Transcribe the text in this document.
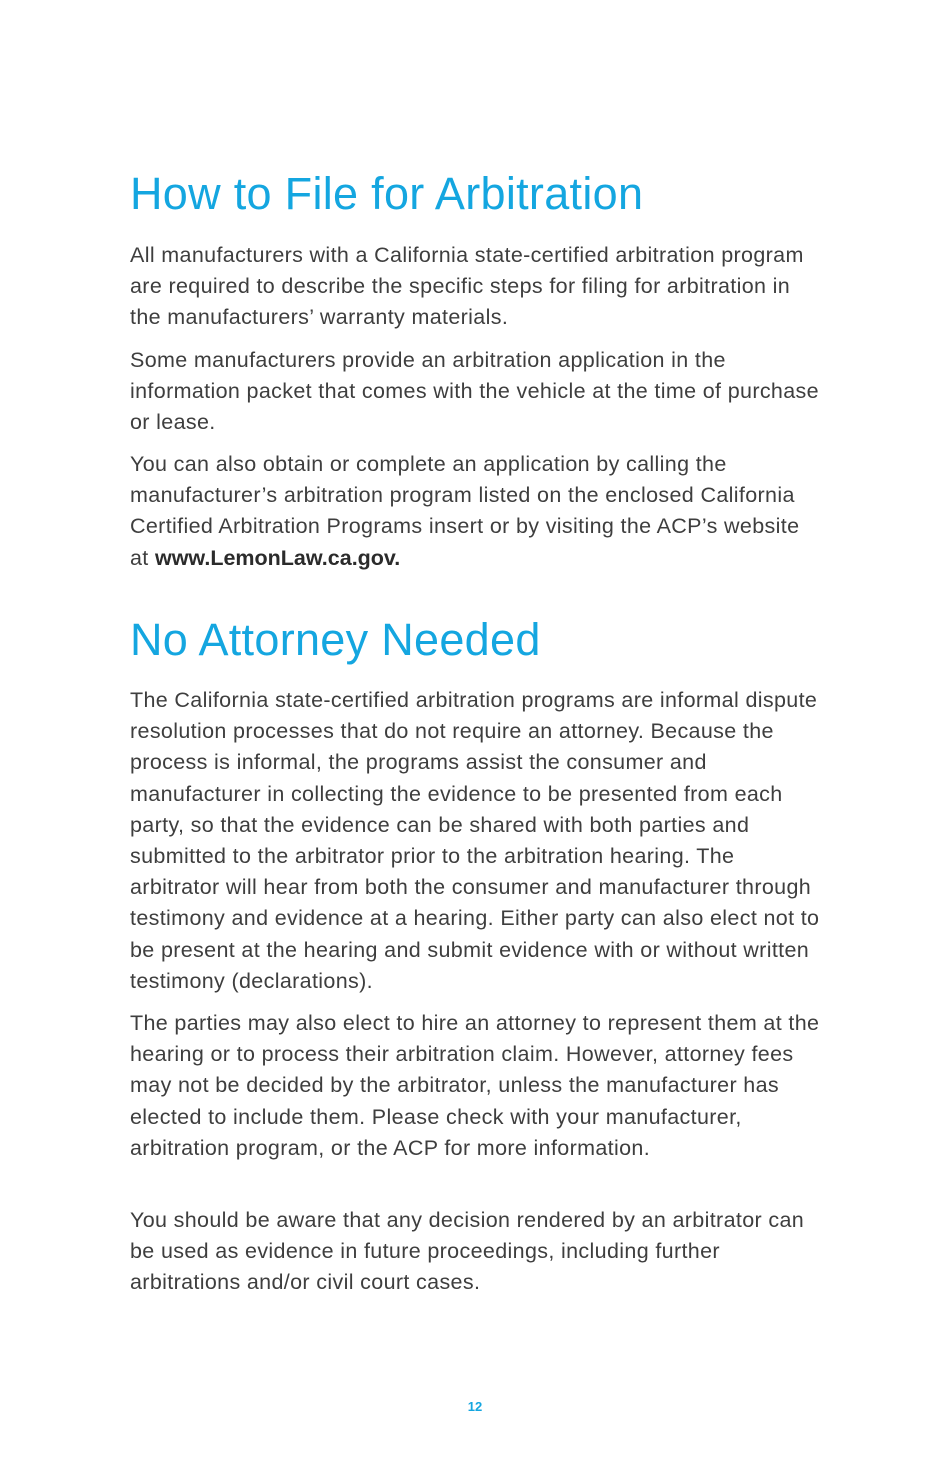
How to File for Arbitration

All manufacturers with a California state-certified arbitration program are required to describe the specific steps for filing for arbitration in the manufacturers’ warranty materials.

Some manufacturers provide an arbitration application in the information packet that comes with the vehicle at the time of purchase or lease.

You can also obtain or complete an application by calling the manufacturer’s arbitration program listed on the enclosed California Certified Arbitration Programs insert or by visiting the ACP’s website at www.LemonLaw.ca.gov.

No Attorney Needed

The California state-certified arbitration programs are informal dispute resolution processes that do not require an attorney. Because the process is informal, the programs assist the consumer and manufacturer in collecting the evidence to be presented from each party, so that the evidence can be shared with both parties and submitted to the arbitrator prior to the arbitration hearing. The arbitrator will hear from both the consumer and manufacturer through testimony and evidence at a hearing. Either party can also elect not to be present at the hearing and submit evidence with or without written testimony (declarations).

The parties may also elect to hire an attorney to represent them at the hearing or to process their arbitration claim. However, attorney fees may not be decided by the arbitrator, unless the manufacturer has elected to include them. Please check with your manufacturer, arbitration program, or the ACP for more information.

You should be aware that any decision rendered by an arbitrator can be used as evidence in future proceedings, including further arbitrations and/or civil court cases.

12
